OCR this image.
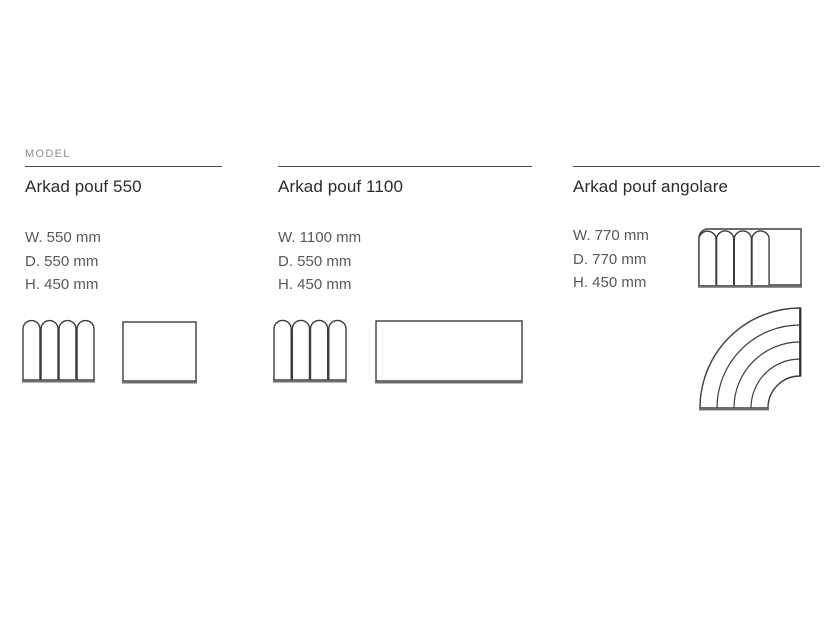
MODEL
Arkad pouf 550
W. 550 mm
D. 550 mm
H. 450 mm
Arkad pouf 1100
W. 1100 mm
D. 550 mm
H. 450 mm
Arkad pouf angolare
W. 770 mm
D. 770 mm
H. 450 mm
